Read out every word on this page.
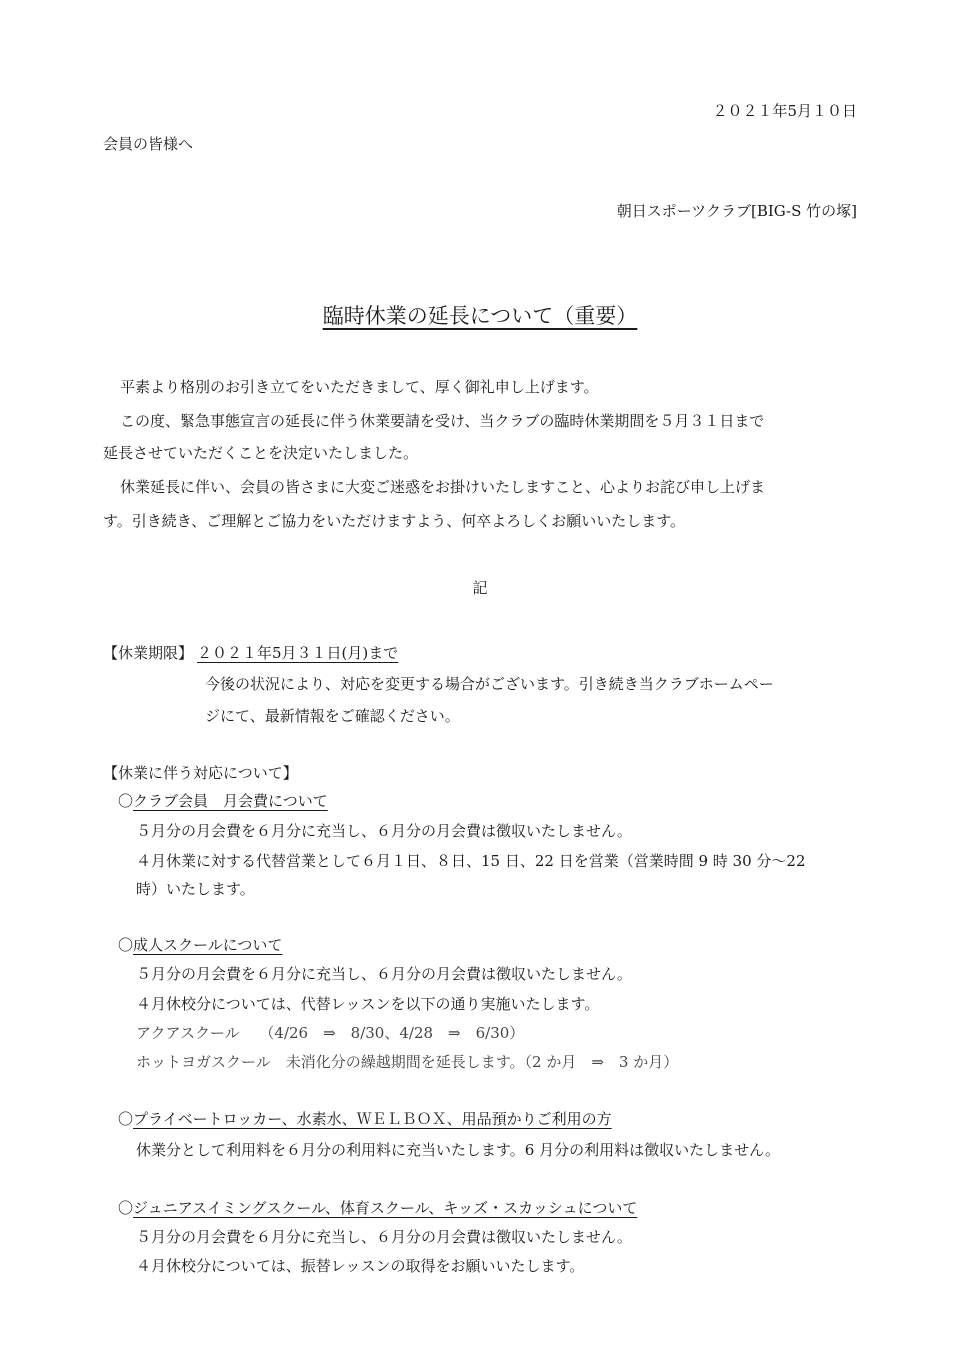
２０２１年5月１０日
会員の皆様へ
朝日スポーツクラブ[BIG-S 竹の塚]
臨時休業の延長について（重要）
平素より格別のお引き立てをいただきまして、厚く御礼申し上げます。
この度、緊急事態宣言の延長に伴う休業要請を受け、当クラブの臨時休業期間を５月３１日まで
延長させていただくことを決定いたしました。
休業延長に伴い、会員の皆さまに大変ご迷惑をお掛けいたしますこと、心よりお詫び申し上げま
す。引き続き、ご理解とご協力をいただけますよう、何卒よろしくお願いいたします。
記
【休業期限】 ２０２１年5月３１日(月)まで
今後の状況により、対応を変更する場合がございます。引き続き当クラブホームペー
ジにて、最新情報をご確認ください。
【休業に伴う対応について】
〇クラブ会員　月会費について
５月分の月会費を６月分に充当し、６月分の月会費は徴収いたしません。
４月休業に対する代替営業として６月１日、８日、15 日、22 日を営業（営業時間 9 時 30 分～22
時）いたします。
〇成人スクールについて
５月分の月会費を６月分に充当し、６月分の月会費は徴収いたしません。
４月休校分については、代替レッスンを以下の通り実施いたします。
アクアスクール　 （4/26　⇒　8/30、4/28　⇒　6/30）
ホットヨガスクール　未消化分の繰越期間を延長します。（2 か月　⇒　3 か月）
〇プライベートロッカー、水素水、ＷＥＬＢＯＸ、用品預かりご利用の方
休業分として利用料を６月分の利用料に充当いたします。6 月分の利用料は徴収いたしません。
〇ジュニアスイミングスクール、体育スクール、キッズ・スカッシュについて
５月分の月会費を６月分に充当し、６月分の月会費は徴収いたしません。
４月休校分については、振替レッスンの取得をお願いいたします。
